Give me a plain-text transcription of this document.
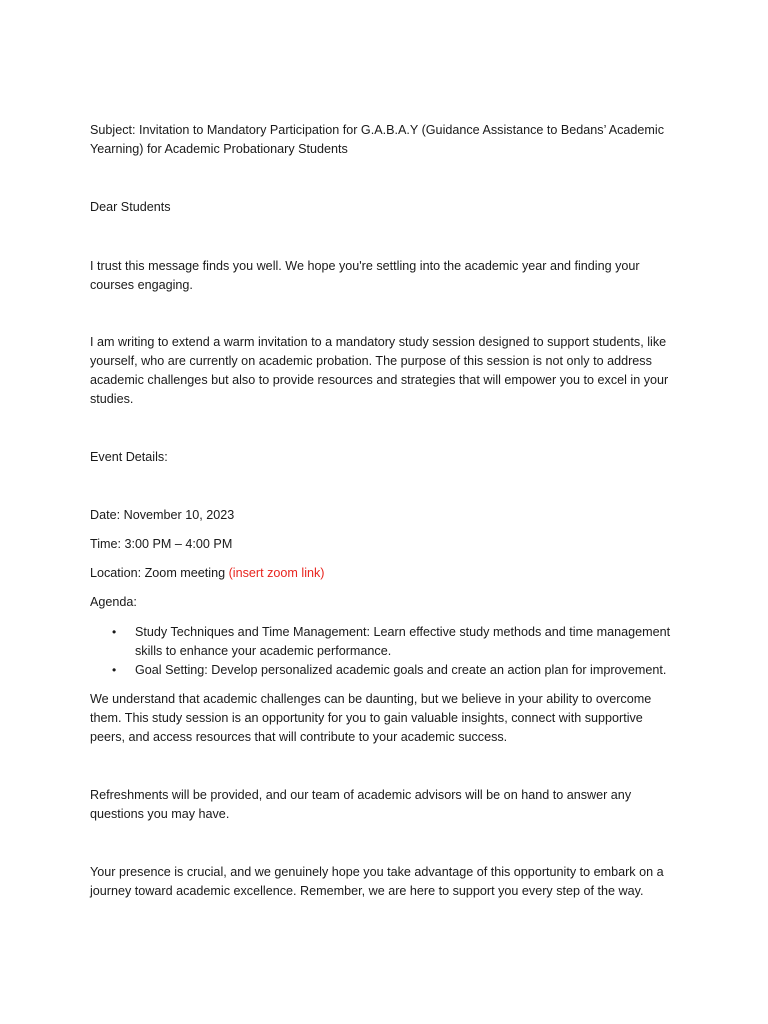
Subject: Invitation to Mandatory Participation for G.A.B.A.Y (Guidance Assistance to Bedans’ Academic Yearning) for Academic Probationary Students

Dear Students

I trust this message finds you well. We hope you're settling into the academic year and finding your courses engaging.

I am writing to extend a warm invitation to a mandatory study session designed to support students, like yourself, who are currently on academic probation. The purpose of this session is not only to address academic challenges but also to provide resources and strategies that will empower you to excel in your studies.

Event Details:

Date: November 10, 2023

Time: 3:00 PM – 4:00 PM

Location: Zoom meeting (insert zoom link)

Agenda:

• Study Techniques and Time Management: Learn effective study methods and time management skills to enhance your academic performance.
• Goal Setting: Develop personalized academic goals and create an action plan for improvement.

We understand that academic challenges can be daunting, but we believe in your ability to overcome them. This study session is an opportunity for you to gain valuable insights, connect with supportive peers, and access resources that will contribute to your academic success.

Refreshments will be provided, and our team of academic advisors will be on hand to answer any questions you may have.

Your presence is crucial, and we genuinely hope you take advantage of this opportunity to embark on a journey toward academic excellence. Remember, we are here to support you every step of the way.
